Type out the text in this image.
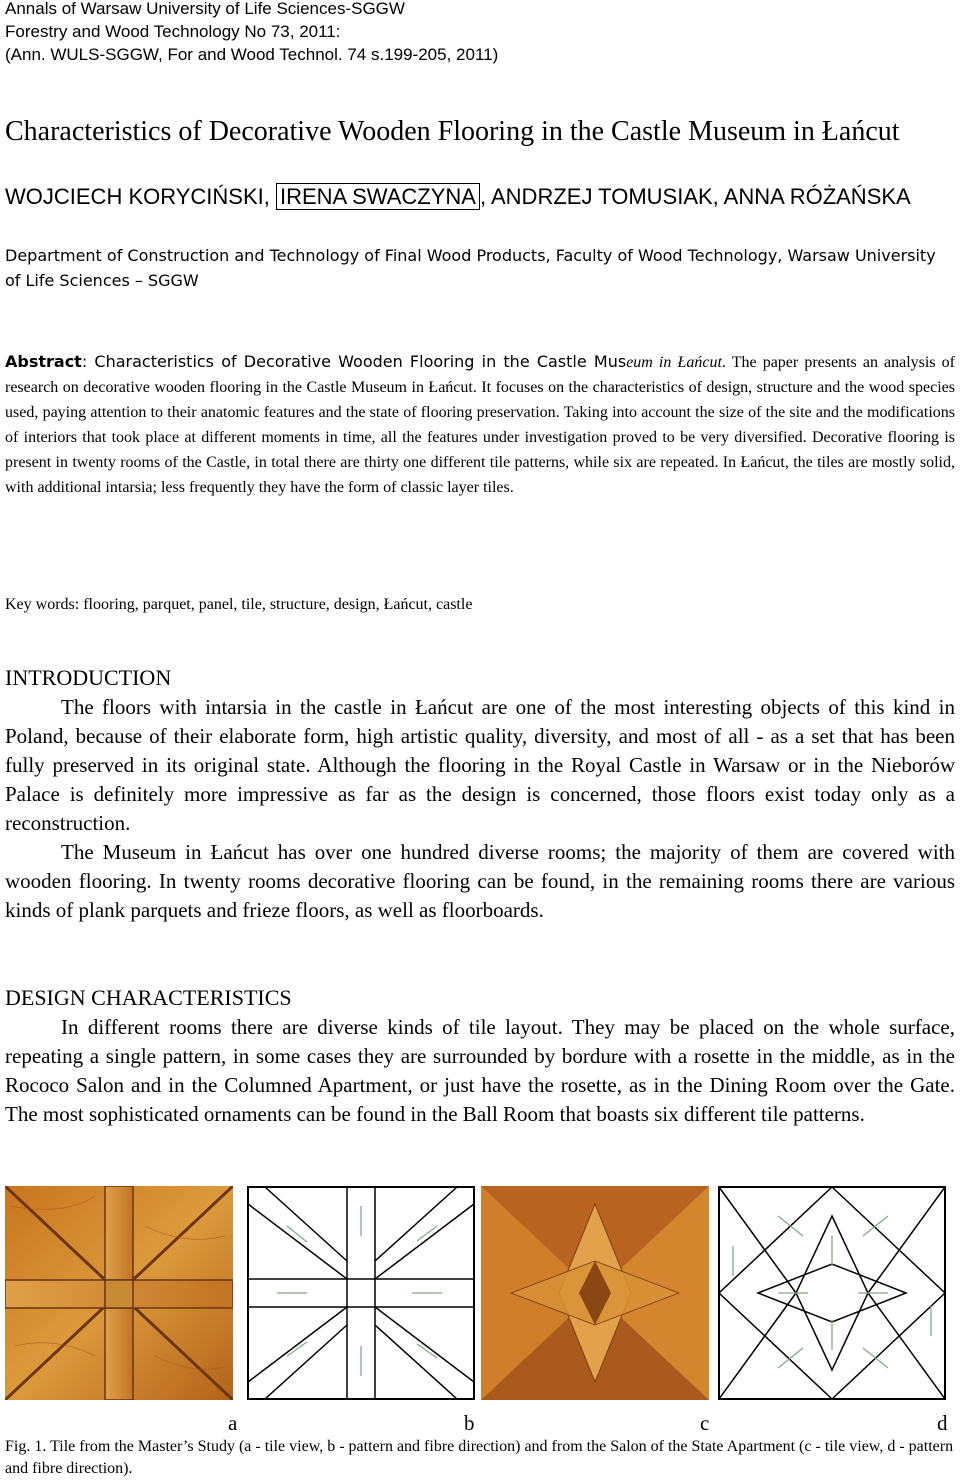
Annals of Warsaw University of Life Sciences-SGGW
Forestry and Wood Technology No 73, 2011:
(Ann. WULS-SGGW, For and Wood Technol. 74 s.199-205, 2011)
Characteristics of Decorative Wooden Flooring in the Castle Museum in Łańcut
WOJCIECH KORYCIŃSKI, IRENA SWACZYNA , ANDRZEJ TOMUSIAK, ANNA RÓŻAŃSKA
Department of Construction and Technology of Final Wood Products, Faculty of Wood Technology, Warsaw University of Life Sciences – SGGW
Abstract: Characteristics of Decorative Wooden Flooring in the Castle Museum in Łańcut. The paper presents an analysis of research on decorative wooden flooring in the Castle Museum in Łańcut. It focuses on the characteristics of design, structure and the wood species used, paying attention to their anatomic features and the state of flooring preservation. Taking into account the size of the site and the modifications of interiors that took place at different moments in time, all the features under investigation proved to be very diversified. Decorative flooring is present in twenty rooms of the Castle, in total there are thirty one different tile patterns, while six are repeated. In Łańcut, the tiles are mostly solid, with additional intarsia; less frequently they have the form of classic layer tiles.
Key words: flooring, parquet, panel, tile, structure, design, Łańcut, castle
INTRODUCTION

The floors with intarsia in the castle in Łańcut are one of the most interesting objects of this kind in Poland, because of their elaborate form, high artistic quality, diversity, and most of all - as a set that has been fully preserved in its original state. Although the flooring in the Royal Castle in Warsaw or in the Nieborów Palace is definitely more impressive as far as the design is concerned, those floors exist today only as a reconstruction.

The Museum in Łańcut has over one hundred diverse rooms; the majority of them are covered with wooden flooring. In twenty rooms decorative flooring can be found, in the remaining rooms there are various kinds of plank parquets and frieze floors, as well as floorboards.

DESIGN CHARACTERISTICS

In different rooms there are diverse kinds of tile layout. They may be placed on the whole surface, repeating a single pattern, in some cases they are surrounded by bordure with a rosette in the middle, as in the Rococo Salon and in the Columned Apartment, or just have the rosette, as in the Dining Room over the Gate. The most sophisticated ornaments can be found in the Ball Room that boasts six different tile patterns.

a	b	c	d
Fig. 1. Tile from the Master’s Study (a - tile view, b - pattern and fibre direction) and from the Salon of the State Apartment (c - tile view, d - pattern and fibre direction).
